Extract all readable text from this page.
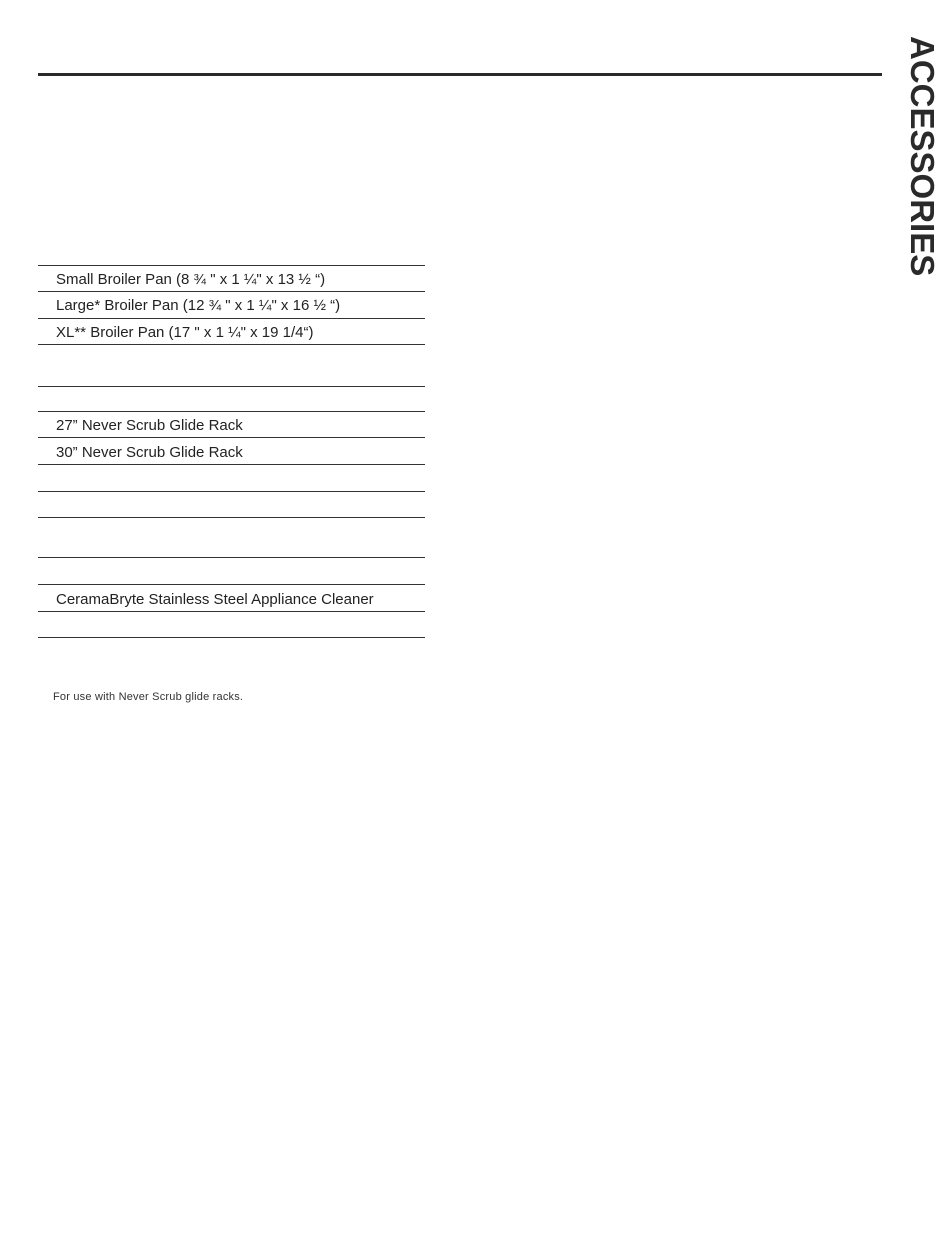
ACCESSORIES
Small Broiler Pan (8 ¾ " x 1 ¼" x 13 ½ “)
Large* Broiler Pan (12 ¾ " x 1 ¼" x 16 ½ “)
XL** Broiler Pan (17 " x 1 ¼" x 19 1/4“)
27” Never Scrub Glide Rack
30” Never Scrub Glide Rack
CeramaBryte Stainless Steel Appliance Cleaner
For use with Never Scrub glide racks.
